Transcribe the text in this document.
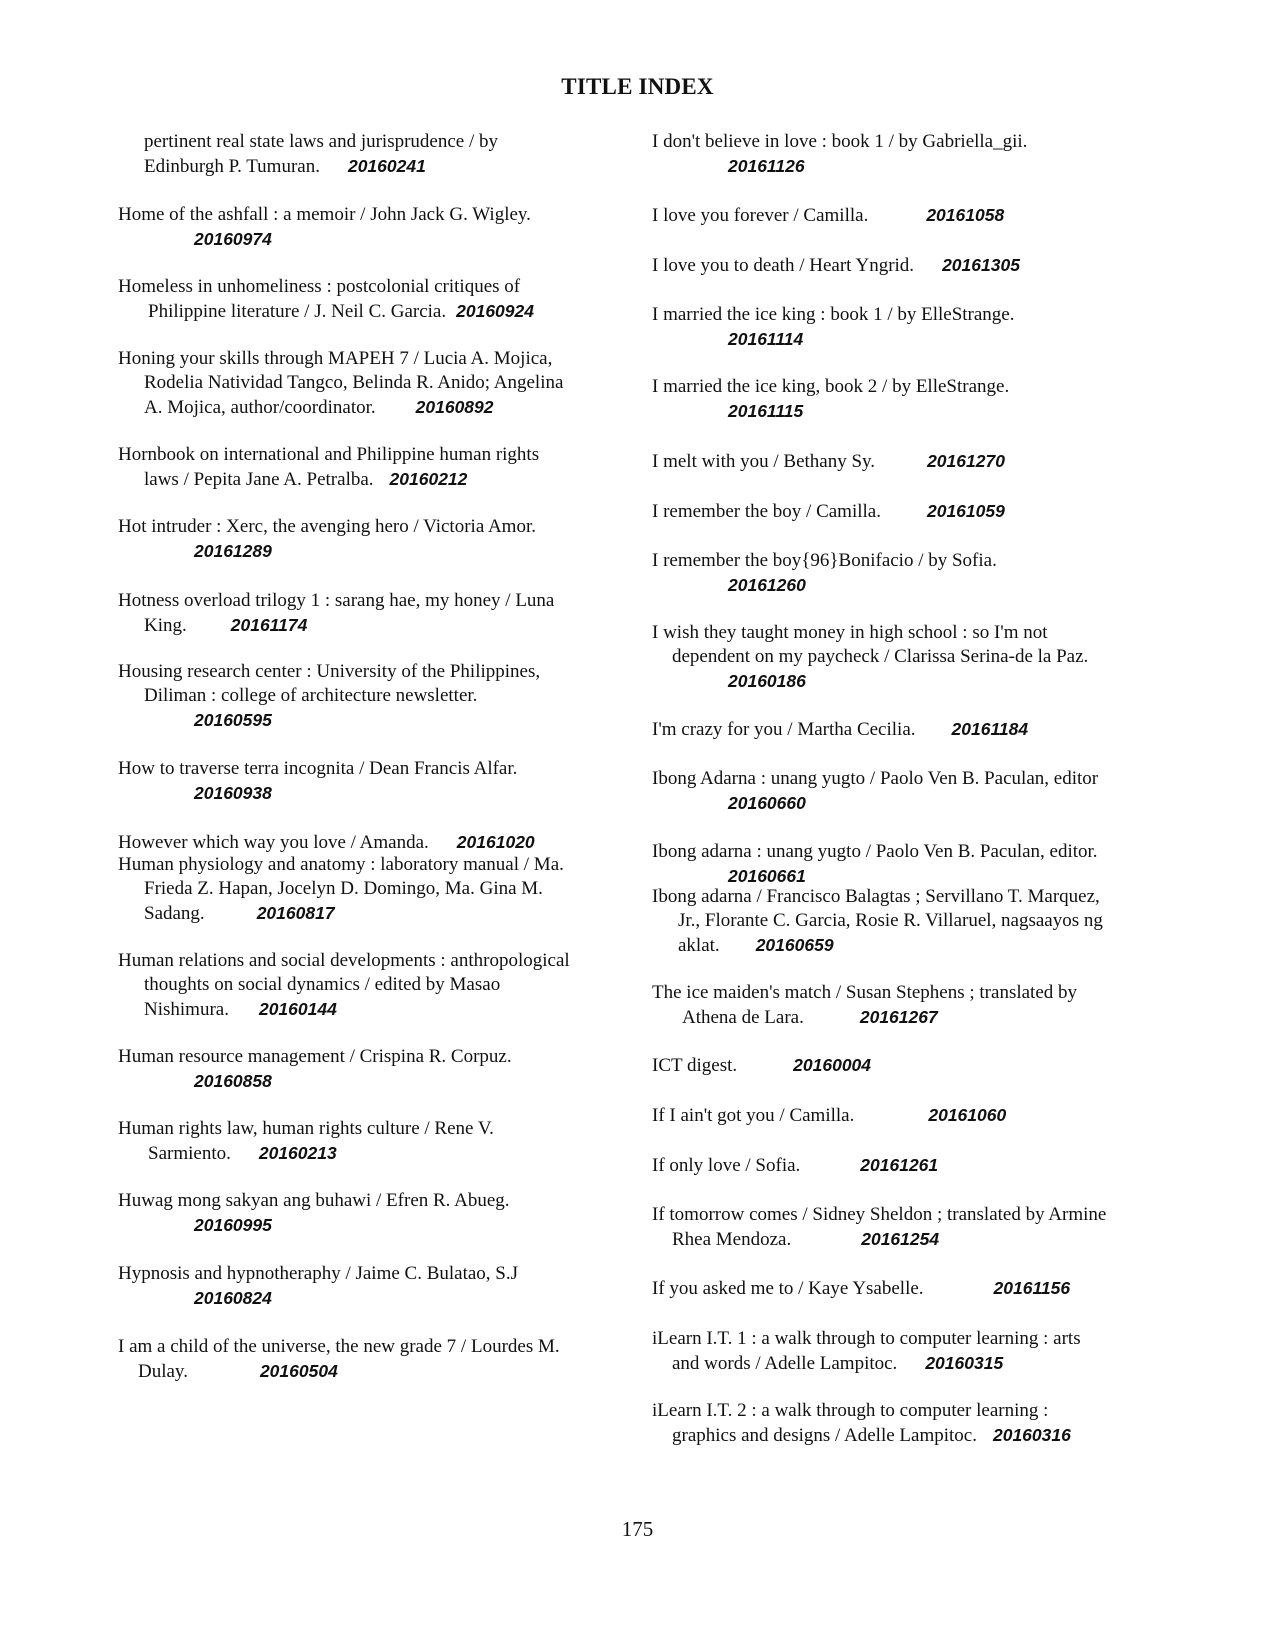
TITLE INDEX
pertinent real state laws and jurisprudence / by
Edinburgh P. Tumuran. 20160241
Home of the ashfall : a memoir / John Jack G. Wigley.
20160974
Homeless in unhomeliness : postcolonial critiques of
Philippine literature / J. Neil C. Garcia. 20160924
Honing your skills through MAPEH 7 / Lucia A. Mojica,
Rodelia Natividad Tangco, Belinda R. Anido; Angelina
A. Mojica, author/coordinator. 20160892
Hornbook on international and Philippine human rights
laws / Pepita Jane A. Petralba. 20160212
Hot intruder : Xerc, the avenging hero / Victoria Amor.
20161289
Hotness overload trilogy 1 : sarang hae, my honey / Luna
King.	20161174
Housing research center : University of the Philippines,
Diliman : college of architecture newsletter.
20160595
How to traverse terra incognita / Dean Francis Alfar.
20160938
However which way you love / Amanda. 20161020
Human physiology and anatomy : laboratory manual / Ma.
Frieda Z. Hapan, Jocelyn D. Domingo, Ma. Gina M.
Sadang.	20160817
Human relations and social developments : anthropological
thoughts on social dynamics / edited by Masao
Nishimura. 20160144
Human resource management / Crispina R. Corpuz.
20160858
Human rights law, human rights culture / Rene V.
Sarmiento. 20160213
Huwag mong sakyan ang buhawi / Efren R. Abueg.
20160995
Hypnosis and hypnotheraphy / Jaime C. Bulatao, S.J
20160824
I am a child of the universe, the new grade 7 / Lourdes M.
Dulay.	20160504
I don't believe in love : book 1 / by Gabriella_gii.
20161126
I love you forever / Camilla.	20161058
I love you to death / Heart Yngrid. 20161305
I married the ice king : book 1 / by ElleStrange.
20161114
I married the ice king, book 2 / by ElleStrange.
20161115
I melt with you / Bethany Sy.	20161270
I remember the boy / Camilla.	20161059
I remember the boy{96}Bonifacio / by Sofia.
20161260
I wish they taught money in high school : so I'm not
dependent on my paycheck / Clarissa Serina-de la Paz.
20160186
I'm crazy for you / Martha Cecilia. 20161184
Ibong Adarna : unang yugto / Paolo Ven B. Paculan, editor
20160660
Ibong adarna : unang yugto / Paolo Ven B. Paculan, editor.
20160661
Ibong adarna / Francisco Balagtas ; Servillano T. Marquez,
Jr., Florante C. Garcia, Rosie R. Villaruel, nagsaayos ng
aklat. 20160659
The ice maiden's match / Susan Stephens ; translated by
Athena de Lara.	20161267
ICT digest.	20160004
If I ain't got you / Camilla.	20161060
If only love / Sofia.	20161261
If tomorrow comes / Sidney Sheldon ; translated by Armine
Rhea Mendoza.	20161254
If you asked me to / Kaye Ysabelle.	20161156
iLearn I.T. 1 : a walk through to computer learning : arts
and words / Adelle Lampitoc. 20160315
iLearn I.T. 2 : a walk through to computer learning :
graphics and designs / Adelle Lampitoc. 20160316
175
